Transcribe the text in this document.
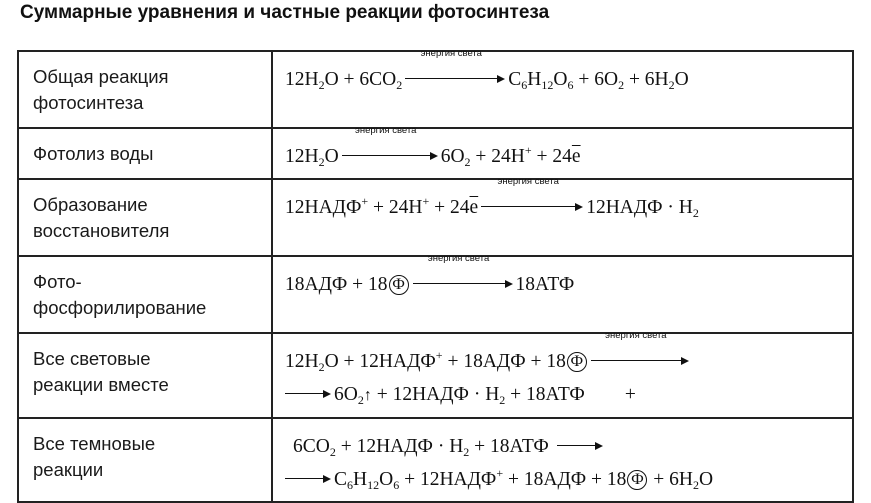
Суммарные уравнения и частные реакции фотосинтеза
Общая реакция
фотосинтеза	$12H_2O + 6CO_2$
энергия света
$C_6H_{12}O_6 + 6O_2 + 6H_2O$

Фотолиз воды	$12H_2O$
энергия света
$6O_2 + 24H^+ + 24\overline{e}$

Образование
восстановителя	12НАДФ+ + $24H^+ + 24\overline{e}$
энергия света
12НАДФ · $H_2$

Фото-
фосфорилирование	18АДФ + 18 Ф
энергия света
18АТФ

Все световые
реакции вместе	$12H_2O$ + 12НАДФ+ + 18АДФ + 18 Ф
энергия света
$6O_2↑$ + 12НАДФ · $H_2 + 18АТФ$ +

Все темновые
реакции	$6CO_2$ + 12НАДФ · $H_2 + 18АТФ$
$C_6H_{12}O_6$ + 12НАДФ+ + 18АДФ + 18 $Ф + 6H_2O$
